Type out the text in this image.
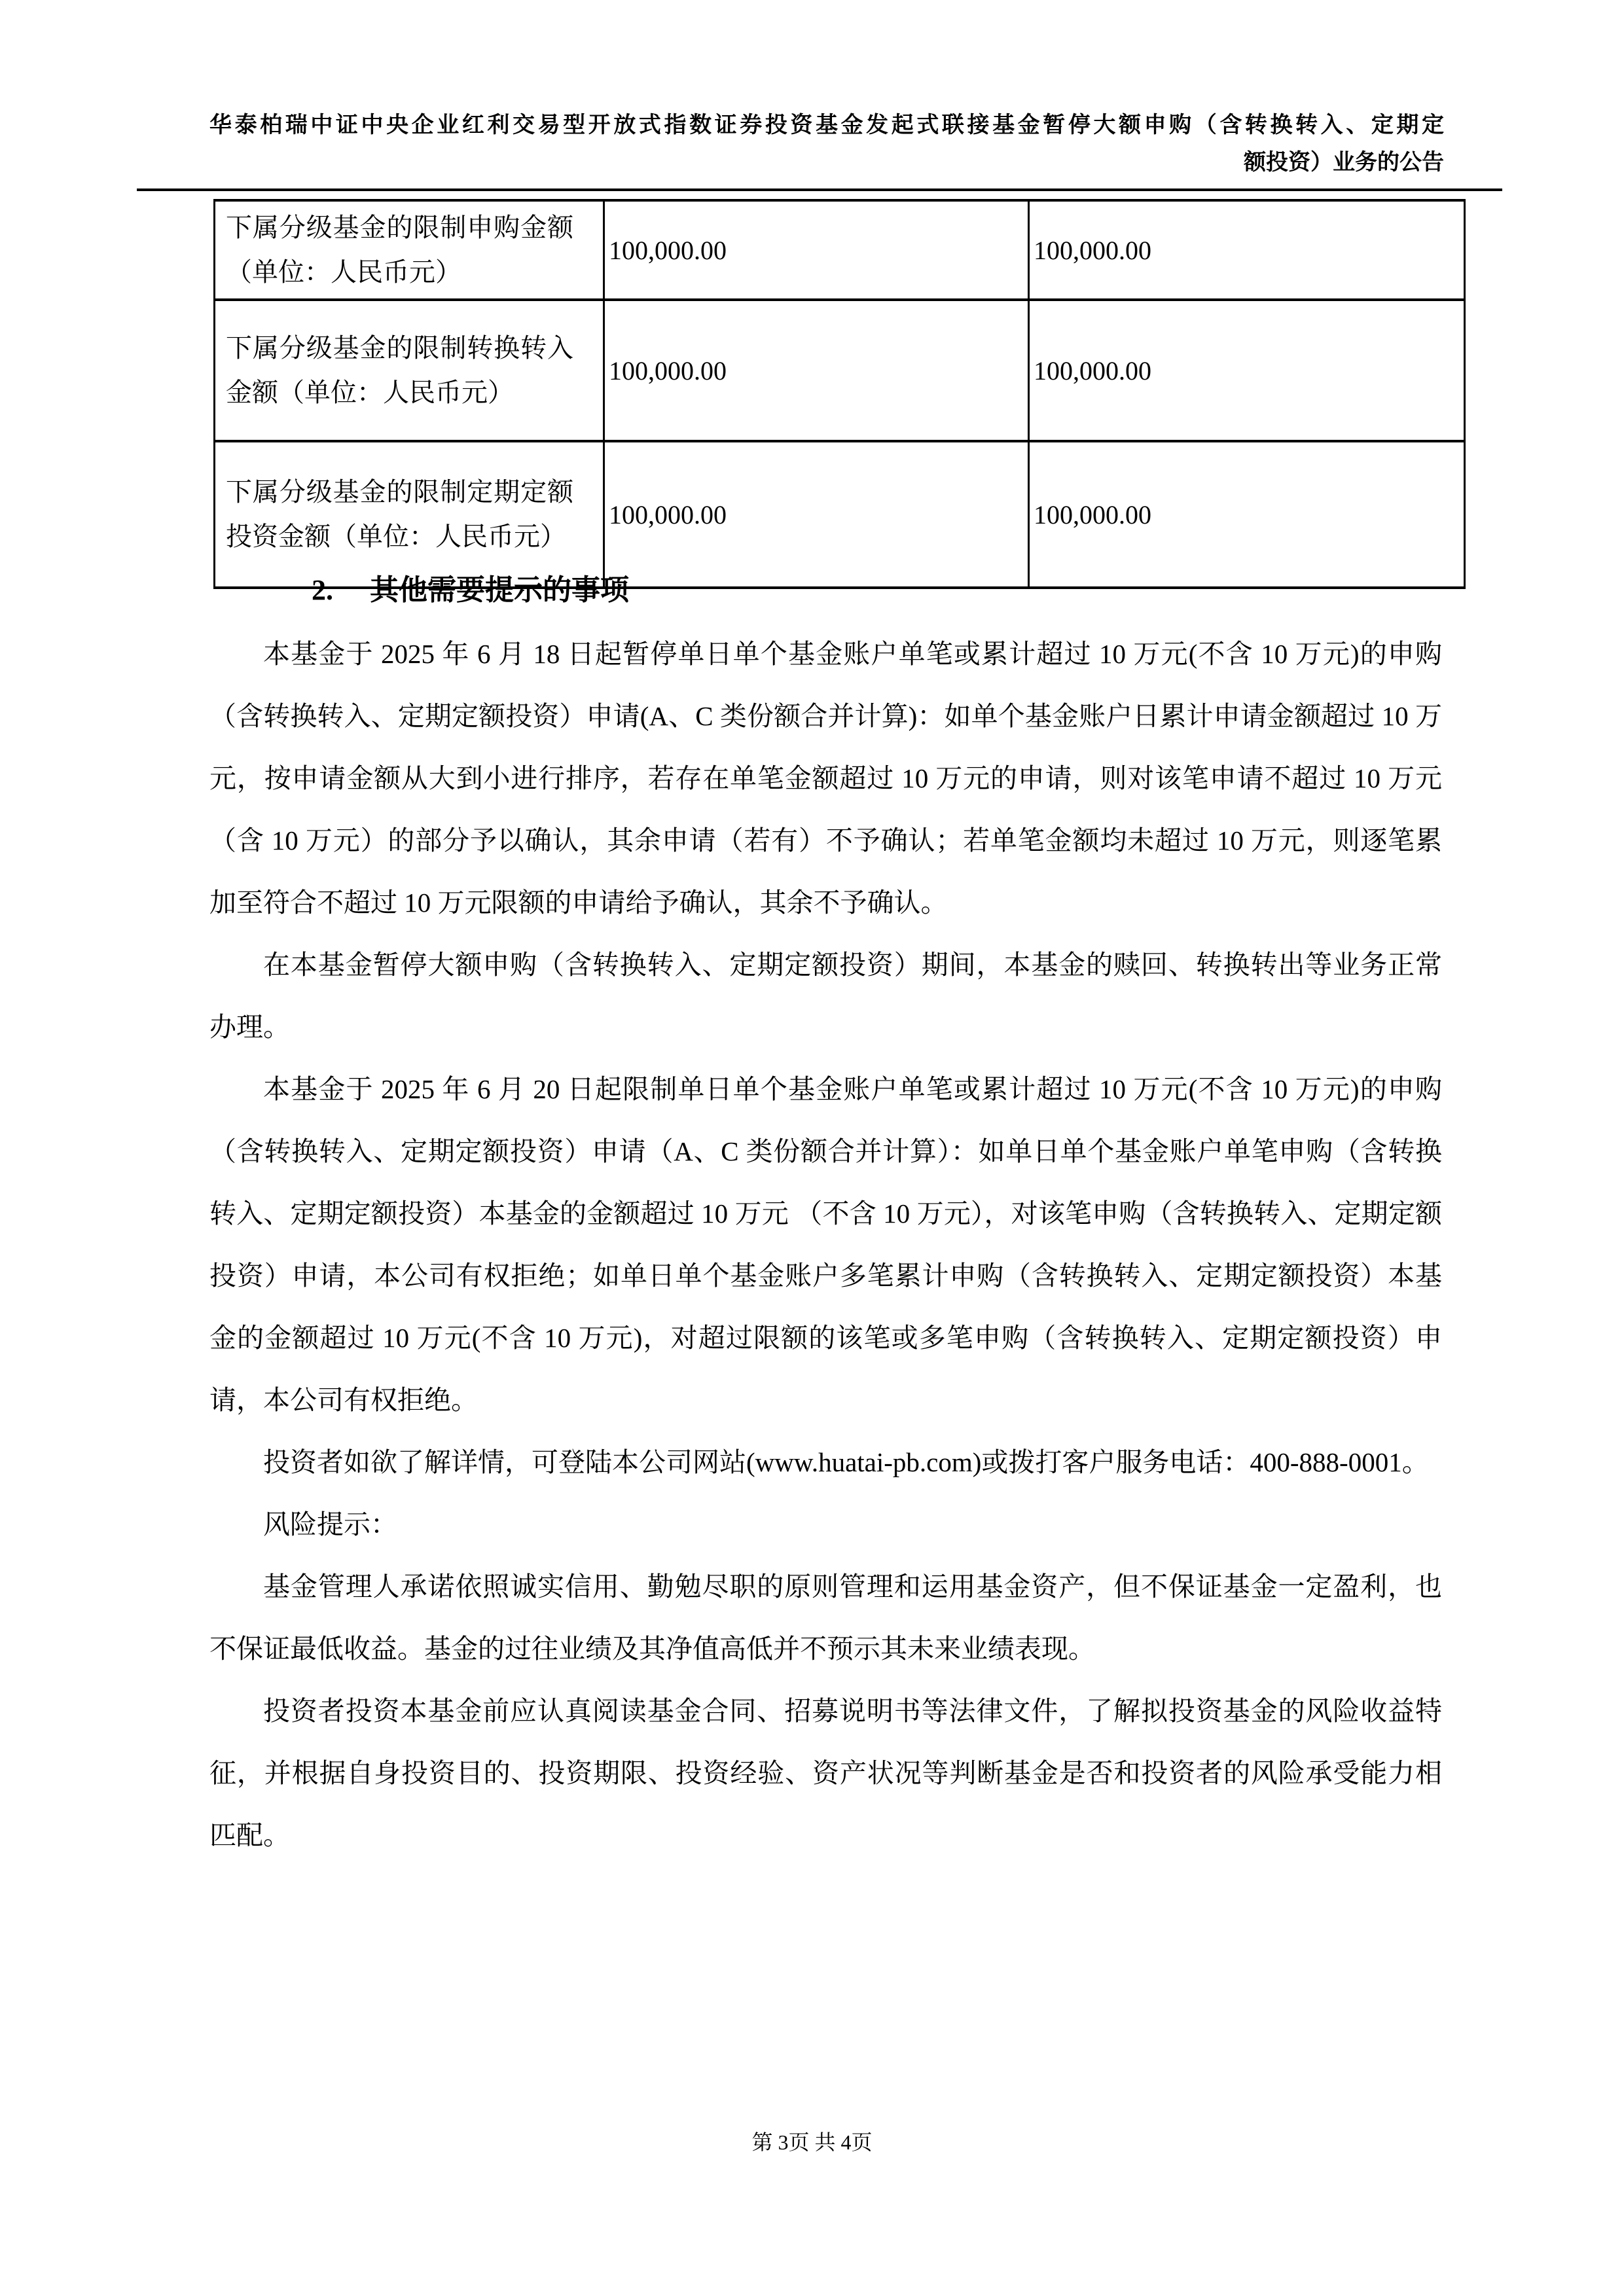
华泰柏瑞中证中央企业红利交易型开放式指数证券投资基金发起式联接基金暂停大额申购（含转换转入、定期定
额投资）业务的公告
下属分级基金的限制申购金额（单位：人民币元）	100,000.00	100,000.00
下属分级基金的限制转换转入金额（单位：人民币元）	100,000.00	100,000.00
下属分级基金的限制定期定额投资金额（单位：人民币元）	100,000.00	100,000.00
2. 其他需要提示的事项

本基金于 2025 年 6 月 18 日起暂停单日单个基金账户单笔或累计超过 10 万元(不含 10 万元)的申购（含转换转入、定期定额投资）申请(A、C 类份额合并计算)：如单个基金账户日累计申请金额超过 10 万元，按申请金额从大到小进行排序，若存在单笔金额超过 10 万元的申请，则对该笔申请不超过 10 万元（含 10 万元）的部分予以确认，其余申请（若有）不予确认；若单笔金额均未超过 10 万元，则逐笔累加至符合不超过 10 万元限额的申请给予确认，其余不予确认。

在本基金暂停大额申购（含转换转入、定期定额投资）期间，本基金的赎回、转换转出等业务正常办理。

本基金于 2025 年 6 月 20 日起限制单日单个基金账户单笔或累计超过 10 万元(不含 10 万元)的申购（含转换转入、定期定额投资）申请（A、C 类份额合并计算）：如单日单个基金账户单笔申购（含转换转入、定期定额投资）本基金的金额超过 10 万元 （不含 10 万元），对该笔申购（含转换转入、定期定额投资）申请，本公司有权拒绝；如单日单个基金账户多笔累计申购（含转换转入、定期定额投资）本基金的金额超过 10 万元(不含 10 万元)，对超过限额的该笔或多笔申购（含转换转入、定期定额投资）申请，本公司有权拒绝。

投资者如欲了解详情，可登陆本公司网站(www.huatai-pb.com)或拨打客户服务电话：400-888-0001。

风险提示：

基金管理人承诺依照诚实信用、勤勉尽职的原则管理和运用基金资产，但不保证基金一定盈利，也不保证最低收益。基金的过往业绩及其净值高低并不预示其未来业绩表现。

投资者投资本基金前应认真阅读基金合同、招募说明书等法律文件，了解拟投资基金的风险收益特征，并根据自身投资目的、投资期限、投资经验、资产状况等判断基金是否和投资者的风险承受能力相匹配。

第 3页 共 4页
